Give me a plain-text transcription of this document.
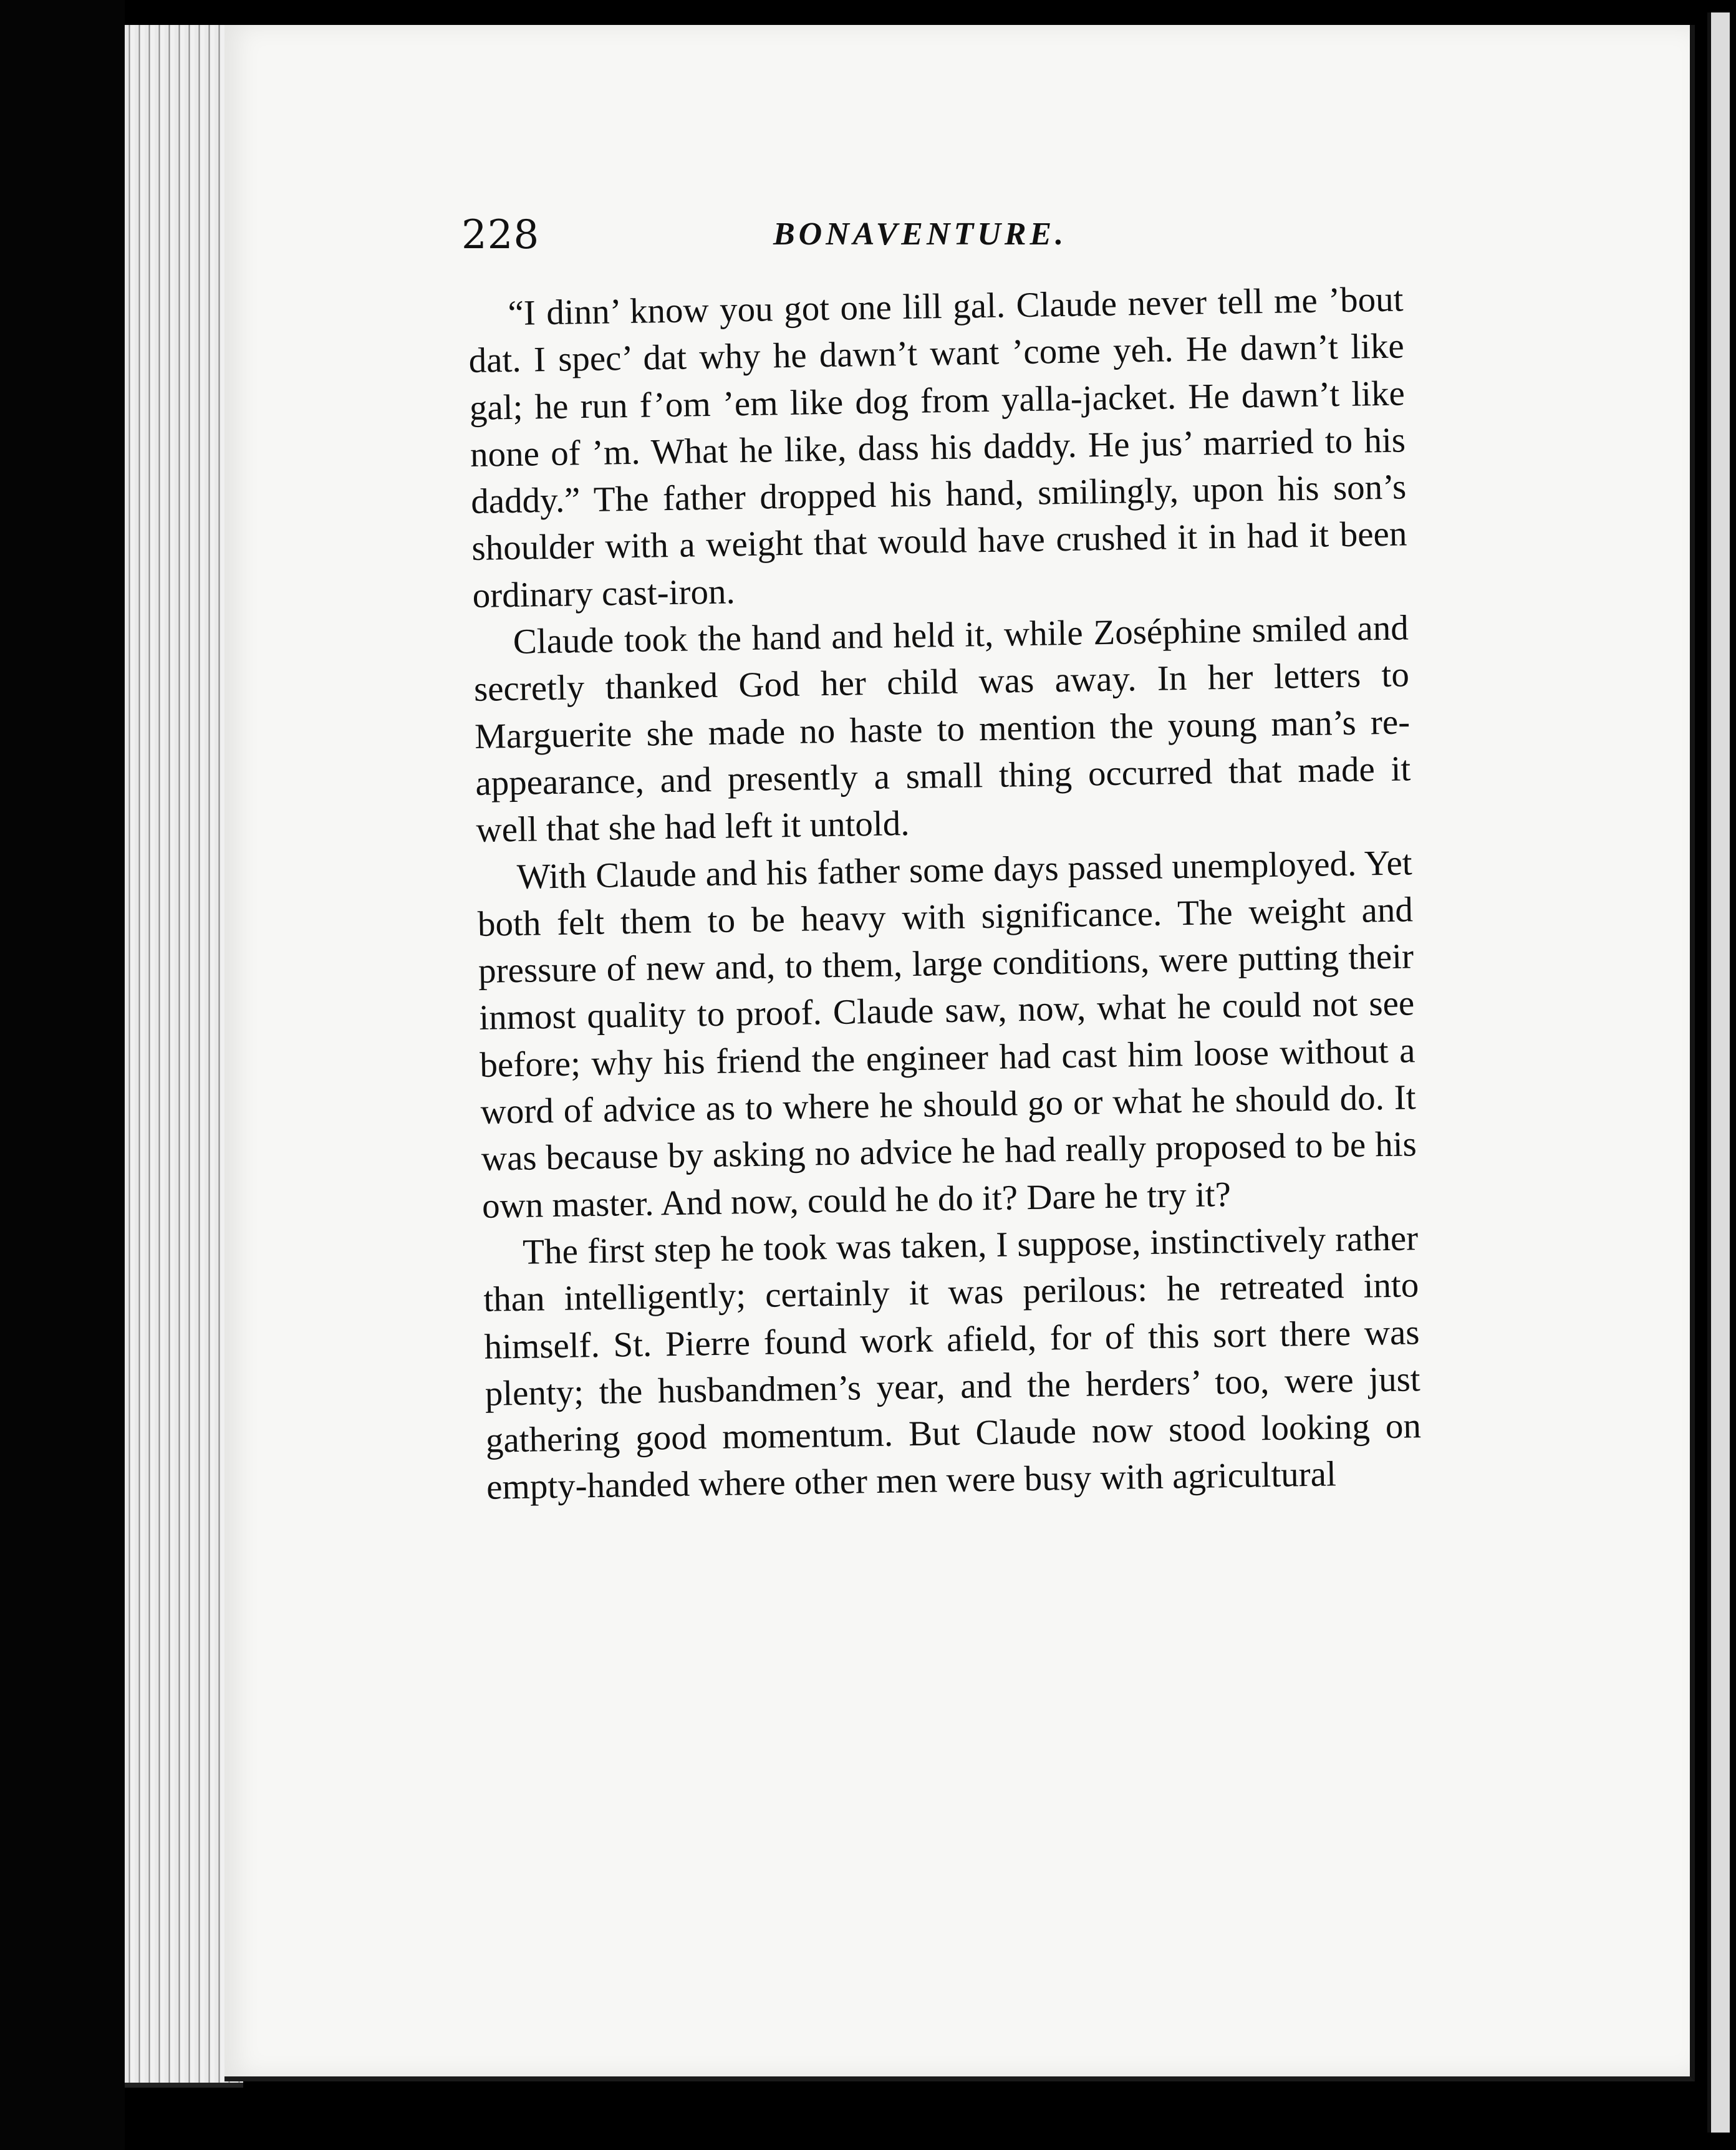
228	BONAVENTURE.

“I dinn’ know you got one lill gal. Claude never tell me ’bout dat. I spec’ dat why he dawn’t want ’come yeh. He dawn’t like gal; he run f’om ’em like dog from yalla-jacket. He dawn’t like none of ’m. What he like, dass his daddy. He jus’ married to his daddy.” The father dropped his hand, smilingly, upon his son’s shoulder with a weight that would have crushed it in had it been ordinary cast-iron.

Claude took the hand and held it, while Zoséphine smiled and secretly thanked God her child was away. In her letters to Marguerite she made no haste to mention the young man’s re-appearance, and presently a small thing occurred that made it well that she had left it untold.

With Claude and his father some days passed unemployed. Yet both felt them to be heavy with significance. The weight and pressure of new and, to them, large conditions, were putting their inmost quality to proof. Claude saw, now, what he could not see before; why his friend the engineer had cast him loose without a word of advice as to where he should go or what he should do. It was because by asking no advice he had really proposed to be his own master. And now, could he do it? Dare he try it?

The first step he took was taken, I suppose, instinctively rather than intelligently; certainly it was perilous: he retreated into himself. St. Pierre found work afield, for of this sort there was plenty; the husbandmen’s year, and the herders’ too, were just gathering good momentum. But Claude now stood looking on empty-handed where other men were busy with agricultural
